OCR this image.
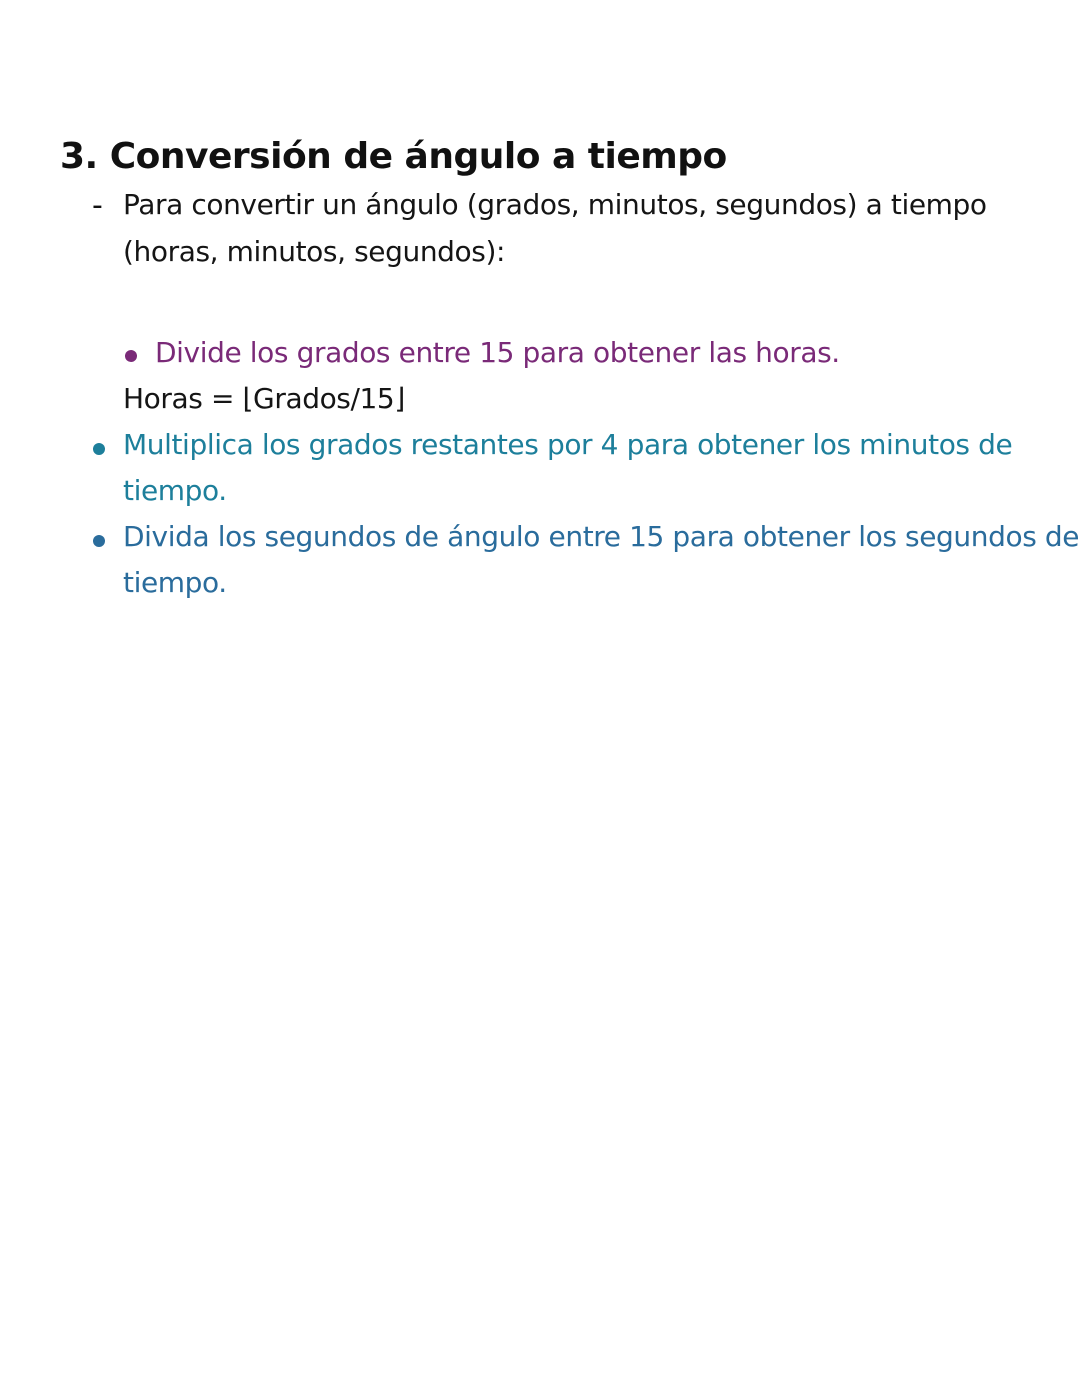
3. Conversión de ángulo a tiempo
- Para convertir un ángulo (grados, minutos, segundos) a tiempo
(horas, minutos, segundos):
Divide los grados entre 15 para obtener las horas.
Horas = ⌊Grados/15⌋
Multiplica los grados restantes por 4 para obtener los minutos de
tiempo.
Divida los segundos de ángulo entre 15 para obtener los segundos de
tiempo.
